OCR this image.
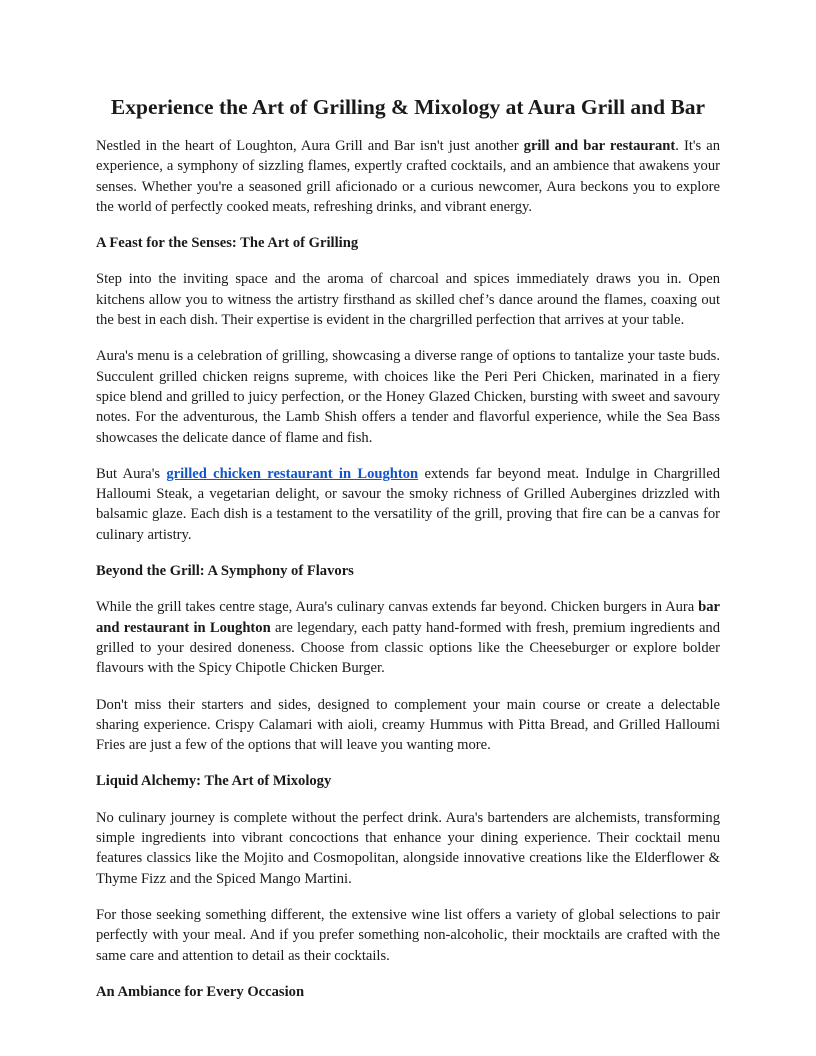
Experience the Art of Grilling & Mixology at Aura Grill and Bar

Nestled in the heart of Loughton, Aura Grill and Bar isn't just another grill and bar restaurant. It's an experience, a symphony of sizzling flames, expertly crafted cocktails, and an ambience that awakens your senses. Whether you're a seasoned grill aficionado or a curious newcomer, Aura beckons you to explore the world of perfectly cooked meats, refreshing drinks, and vibrant energy.

A Feast for the Senses: The Art of Grilling

Step into the inviting space and the aroma of charcoal and spices immediately draws you in. Open kitchens allow you to witness the artistry firsthand as skilled chef’s dance around the flames, coaxing out the best in each dish. Their expertise is evident in the chargrilled perfection that arrives at your table.

Aura's menu is a celebration of grilling, showcasing a diverse range of options to tantalize your taste buds. Succulent grilled chicken reigns supreme, with choices like the Peri Peri Chicken, marinated in a fiery spice blend and grilled to juicy perfection, or the Honey Glazed Chicken, bursting with sweet and savoury notes. For the adventurous, the Lamb Shish offers a tender and flavorful experience, while the Sea Bass showcases the delicate dance of flame and fish.

But Aura's grilled chicken restaurant in Loughton extends far beyond meat. Indulge in Chargrilled Halloumi Steak, a vegetarian delight, or savour the smoky richness of Grilled Aubergines drizzled with balsamic glaze. Each dish is a testament to the versatility of the grill, proving that fire can be a canvas for culinary artistry.

Beyond the Grill: A Symphony of Flavors

While the grill takes centre stage, Aura's culinary canvas extends far beyond. Chicken burgers in Aura bar and restaurant in Loughton are legendary, each patty hand-formed with fresh, premium ingredients and grilled to your desired doneness. Choose from classic options like the Cheeseburger or explore bolder flavours with the Spicy Chipotle Chicken Burger.

Don't miss their starters and sides, designed to complement your main course or create a delectable sharing experience. Crispy Calamari with aioli, creamy Hummus with Pitta Bread, and Grilled Halloumi Fries are just a few of the options that will leave you wanting more.

Liquid Alchemy: The Art of Mixology

No culinary journey is complete without the perfect drink. Aura's bartenders are alchemists, transforming simple ingredients into vibrant concoctions that enhance your dining experience. Their cocktail menu features classics like the Mojito and Cosmopolitan, alongside innovative creations like the Elderflower & Thyme Fizz and the Spiced Mango Martini.

For those seeking something different, the extensive wine list offers a variety of global selections to pair perfectly with your meal. And if you prefer something non-alcoholic, their mocktails are crafted with the same care and attention to detail as their cocktails.

An Ambiance for Every Occasion
